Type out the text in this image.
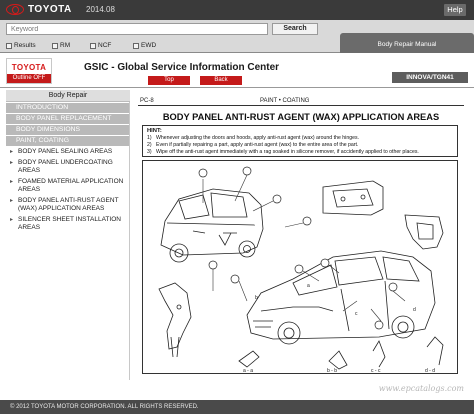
TOYOTA 2014.08	Help
Keyword
Search
Results	RM	NCF	EWD	Body Repair Manual
TOYOTA
Outline OFF
GSIC - Global Service Information Center
Top	Back	INNOVA/TGN41
Body Repair
INTRODUCTION
BODY PANEL REPLACEMENT
BODY DIMENSIONS
PAINT, COATING
▸ BODY PANEL SEALING AREAS
▸ BODY PANEL UNDERCOATING AREAS
▸ FOAMED MATERIAL APPLICATION AREAS
▸ BODY PANEL ANTI-RUST AGENT (WAX) APPLICATION AREAS
▸ SILENCER SHEET INSTALLATION AREAS
PC-8	PAINT • COATING
BODY PANEL ANTI-RUST AGENT (WAX) APPLICATION AREAS
HINT:
1) Whenever adjusting the doors and hoods, apply anti-rust agent (wax) around the hinges.
2) Even if partially repairing a part, apply anti-rust agent (wax) to the entire area of the part.
3) Wipe off the anti-rust agent immediately with a rag soaked in silicone remover, if accidently applied to other places.
a - a	b - b	c - c	d - d
a
b
c
d
www.epcatalogs.com
© 2012 TOYOTA MOTOR CORPORATION. ALL RIGHTS RESERVED.
